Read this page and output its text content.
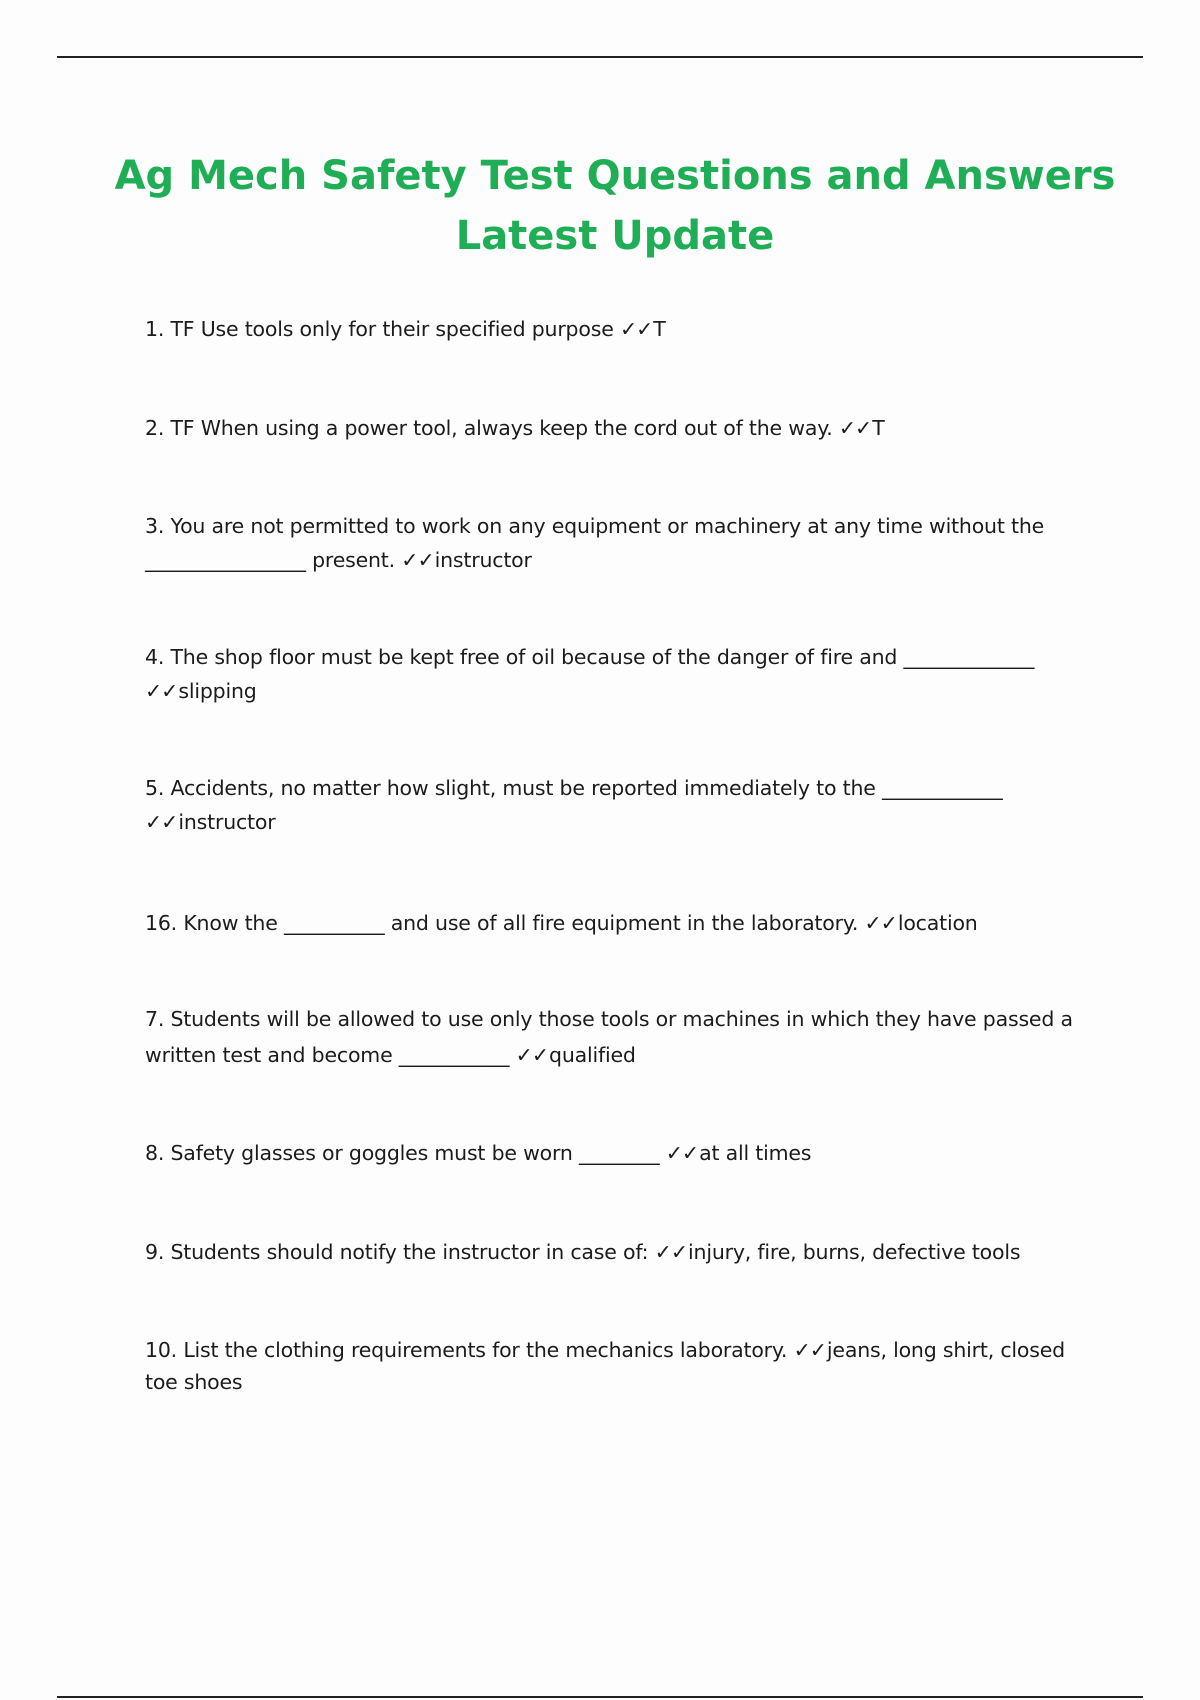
Ag Mech Safety Test Questions and Answers
Latest Update

1. TF Use tools only for their specified purpose ✓✓T

2. TF When using a power tool, always keep the cord out of the way. ✓✓T

3. You are not permitted to work on any equipment or machinery at any time without the ________________ present. ✓✓instructor

4. The shop floor must be kept free of oil because of the danger of fire and _____________ ✓✓slipping

5. Accidents, no matter how slight, must be reported immediately to the ____________ ✓✓instructor

16. Know the __________ and use of all fire equipment in the laboratory. ✓✓location

7. Students will be allowed to use only those tools or machines in which they have passed a written test and become ___________ ✓✓qualified

8. Safety glasses or goggles must be worn ________ ✓✓at all times

9. Students should notify the instructor in case of: ✓✓injury, fire, burns, defective tools

10. List the clothing requirements for the mechanics laboratory. ✓✓jeans, long shirt, closed toe shoes
